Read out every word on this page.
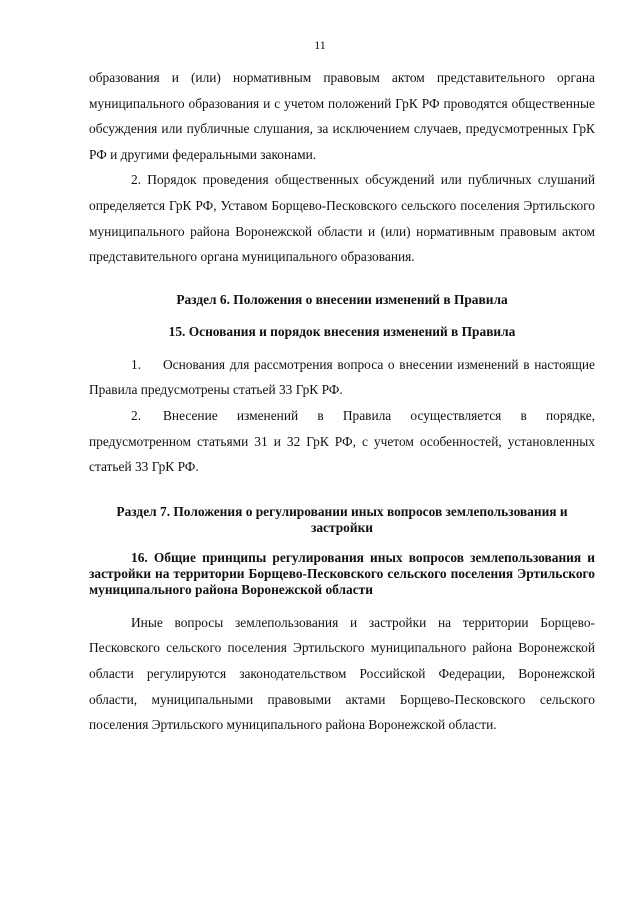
11

образования и (или) нормативным правовым актом представительного органа муниципального образования и с учетом положений ГрК РФ проводятся общественные обсуждения или публичные слушания, за исключением случаев, предусмотренных ГрК РФ и другими федеральными законами.

2. Порядок проведения общественных обсуждений или публичных слушаний определяется ГрК РФ, Уставом Борщево-Песковского сельского поселения Эртильского муниципального района Воронежской области и (или) нормативным правовым актом представительного органа муниципального образования.

Раздел 6. Положения о внесении изменений в Правила

15. Основания и порядок внесения изменений в Правила

1. Основания для рассмотрения вопроса о внесении изменений в настоящие Правила предусмотрены статьей 33 ГрК РФ.

2. Внесение изменений в Правила осуществляется в порядке, предусмотренном статьями 31 и 32 ГрК РФ, с учетом особенностей, установленных статьей 33 ГрК РФ.

Раздел 7. Положения о регулировании иных вопросов землепользования и застройки

16. Общие принципы регулирования иных вопросов землепользования и застройки на территории Борщево-Песковского сельского поселения Эртильского муниципального района Воронежской области

Иные вопросы землепользования и застройки на территории Борщево-Песковского сельского поселения Эртильского муниципального района Воронежской области регулируются законодательством Российской Федерации, Воронежской области, муниципальными правовыми актами Борщево-Песковского сельского поселения Эртильского муниципального района Воронежской области.
